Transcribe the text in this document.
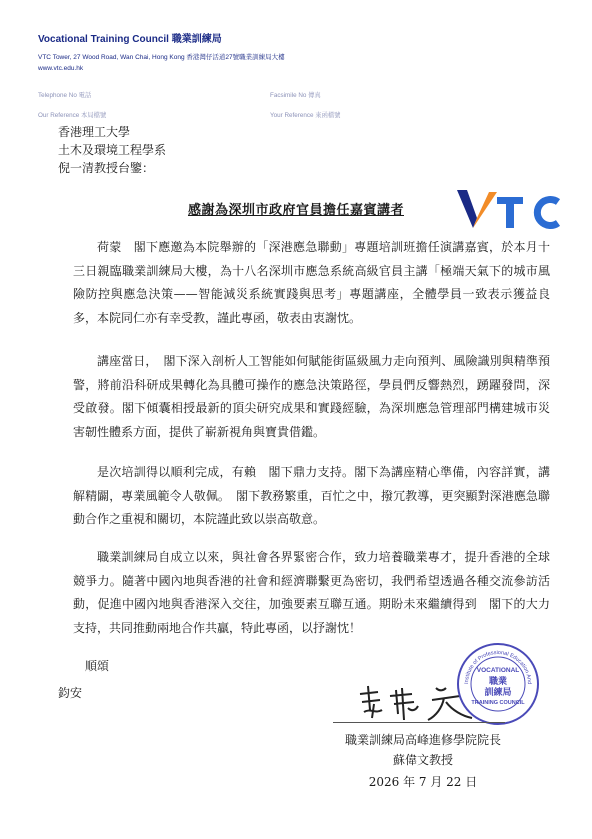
Vocational Training Council 職業訓練局
VTC Tower, 27 Wood Road, Wan Chai, Hong Kong 香港灣仔活道27號職業訓練局大樓
www.vtc.edu.hk
Telephone No 電話	Facsimile No 傳真
Our Reference 本局檔號	Your Reference 來函檔號
香港理工大學
土木及環境工程學系
倪一清教授台鑒：
感謝為深圳市政府官員擔任嘉賓講者
荷蒙　閣下應邀為本院舉辦的「深港應急聯動」專題培訓班擔任演講嘉賓，於本月十三日親臨職業訓練局大樓，為十八名深圳市應急系統高級官員主講「極端天氣下的城市風險防控與應急決策——智能減災系統實踐與思考」專題講座，全體學員一致表示獲益良多，本院同仁亦有幸受教，謹此專函，敬表由衷謝忱。
講座當日，　閣下深入剖析人工智能如何賦能街區級風力走向預判、風險識別與精準預警，將前沿科研成果轉化為具體可操作的應急決策路徑，學員們反響熱烈，踴躍發問，深受啟發。閣下傾囊相授最新的頂尖研究成果和實踐經驗，為深圳應急管理部門構建城市災害韌性體系方面，提供了嶄新視角與寶貴借鑑。
是次培訓得以順利完成，有賴　閣下鼎力支持。閣下為講座精心準備，內容詳實，講解精闢，專業風範令人敬佩。　閣下教務繁重，百忙之中，撥冗教導，更突顯對深港應急聯動合作之重視和關切，本院謹此致以崇高敬意。
職業訓練局自成立以來，與社會各界緊密合作，致力培養職業專才，提升香港的全球競爭力。隨著中國內地與香港的社會和經濟聯繫更為密切，我們希望透過各種交流參訪活動，促進中國內地與香港深入交往，加強要素互聯互通。期盼未來繼續得到　閣下的大力支持，共同推動兩地合作共贏，特此專函，以抒謝忱！
順頌
鈞安
Institute of Professional Education And
VOCATIONAL
職業
訓練局
TRAINING COUNCIL
職業訓練局高峰進修學院院長
蘇偉文教授
2026 年 7 月 22 日
